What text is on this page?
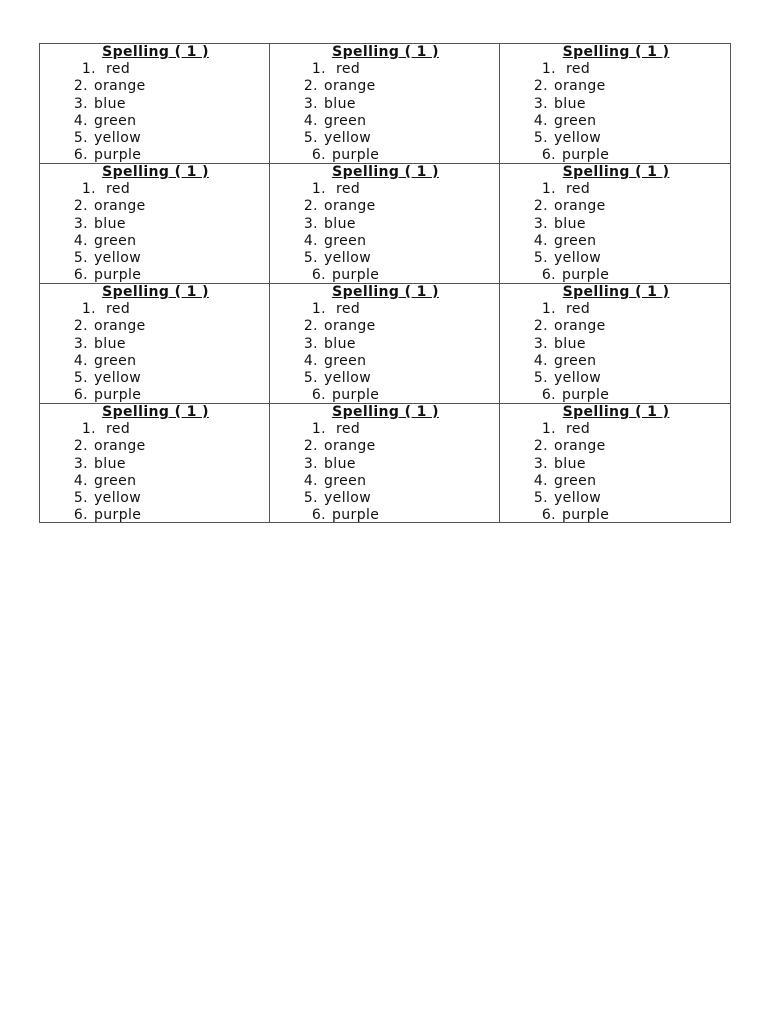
Spelling ( 1 )
1. red
2. orange
3. blue
4. green
5. yellow
6. purple
Spelling ( 1 )
1. red
2. orange
3. blue
4. green
5. yellow
6. purple
Spelling ( 1 )
1. red
2. orange
3. blue
4. green
5. yellow
6. purple
Spelling ( 1 )
1. red
2. orange
3. blue
4. green
5. yellow
6. purple
Spelling ( 1 )
1. red
2. orange
3. blue
4. green
5. yellow
6. purple
Spelling ( 1 )
1. red
2. orange
3. blue
4. green
5. yellow
6. purple
Spelling ( 1 )
1. red
2. orange
3. blue
4. green
5. yellow
6. purple
Spelling ( 1 )
1. red
2. orange
3. blue
4. green
5. yellow
6. purple
Spelling ( 1 )
1. red
2. orange
3. blue
4. green
5. yellow
6. purple
Spelling ( 1 )
1. red
2. orange
3. blue
4. green
5. yellow
6. purple
Spelling ( 1 )
1. red
2. orange
3. blue
4. green
5. yellow
6. purple
Spelling ( 1 )
1. red
2. orange
3. blue
4. green
5. yellow
6. purple
